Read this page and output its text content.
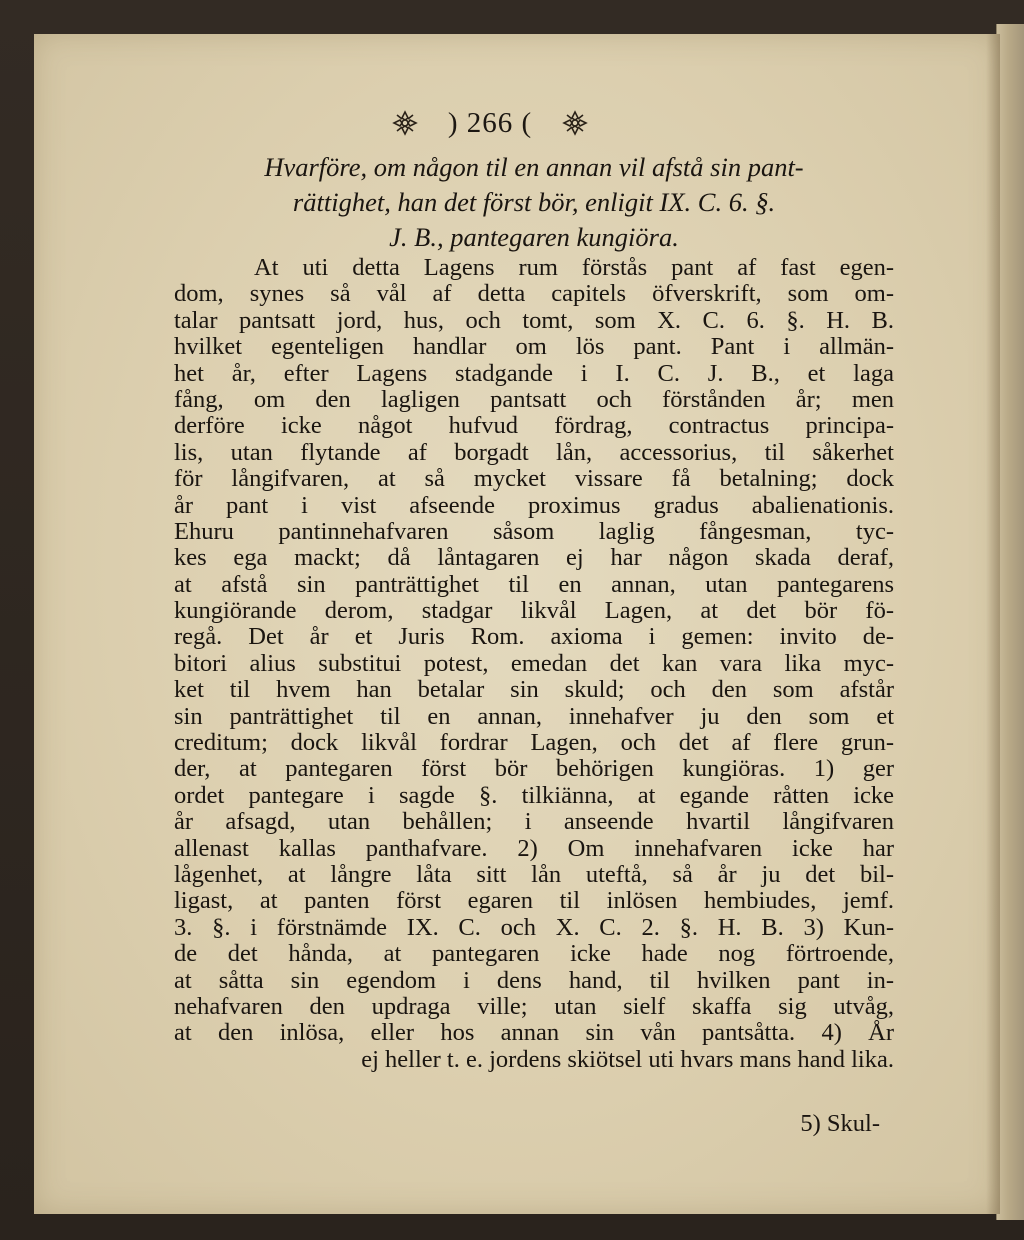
) 266 (

Hvarföre, om någon til en annan vil afstå sin pant-

rättighet, han det först bör, enligit IX. C. 6. §.

J. B., pantegaren kungiöra.

At uti detta Lagens rum förstås pant af fast egen-

dom, synes så vål af detta capitels öfverskrift, som om-

talar pantsatt jord, hus, och tomt, som X. C. 6. §. H. B.

hvilket egenteligen handlar om lös pant. Pant i allmän-

het år, efter Lagens stadgande i I. C. J. B., et laga

fång, om den lagligen pantsatt och förstånden år; men

derföre icke något hufvud fördrag, contractus principa-

lis, utan flytande af borgadt lån, accessorius, til såkerhet

för långifvaren, at så mycket vissare få betalning; dock

år pant i vist afseende proximus gradus abalienationis.

Ehuru pantinnehafvaren såsom laglig fångesman, tyc-

kes ega mackt; då låntagaren ej har någon skada deraf,

at afstå sin panträttighet til en annan, utan pantegarens

kungiörande derom, stadgar likvål Lagen, at det bör fö-

regå. Det år et Juris Rom. axioma i gemen: invito de-

bitori alius substitui potest, emedan det kan vara lika myc-

ket til hvem han betalar sin skuld; och den som afstår

sin panträttighet til en annan, innehafver ju den som et

creditum; dock likvål fordrar Lagen, och det af flere grun-

der, at pantegaren först bör behörigen kungiöras. 1) ger

ordet pantegare i sagde §. tilkiänna, at egande råtten icke

år afsagd, utan behållen; i anseende hvartil långifvaren

allenast kallas panthafvare. 2) Om innehafvaren icke har

lågenhet, at långre låta sitt lån uteftå, så år ju det bil-

ligast, at panten först egaren til inlösen hembiudes, jemf.

3. §. i förstnämde IX. C. och X. C. 2. §. H. B. 3) Kun-

de det hånda, at pantegaren icke hade nog förtroende,

at såtta sin egendom i dens hand, til hvilken pant in-

nehafvaren den updraga ville; utan sielf skaffa sig utvåg,

at den inlösa, eller hos annan sin vån pantsåtta. 4) År

ej heller t. e. jordens skiötsel uti hvars mans hand lika.

5) Skul-
